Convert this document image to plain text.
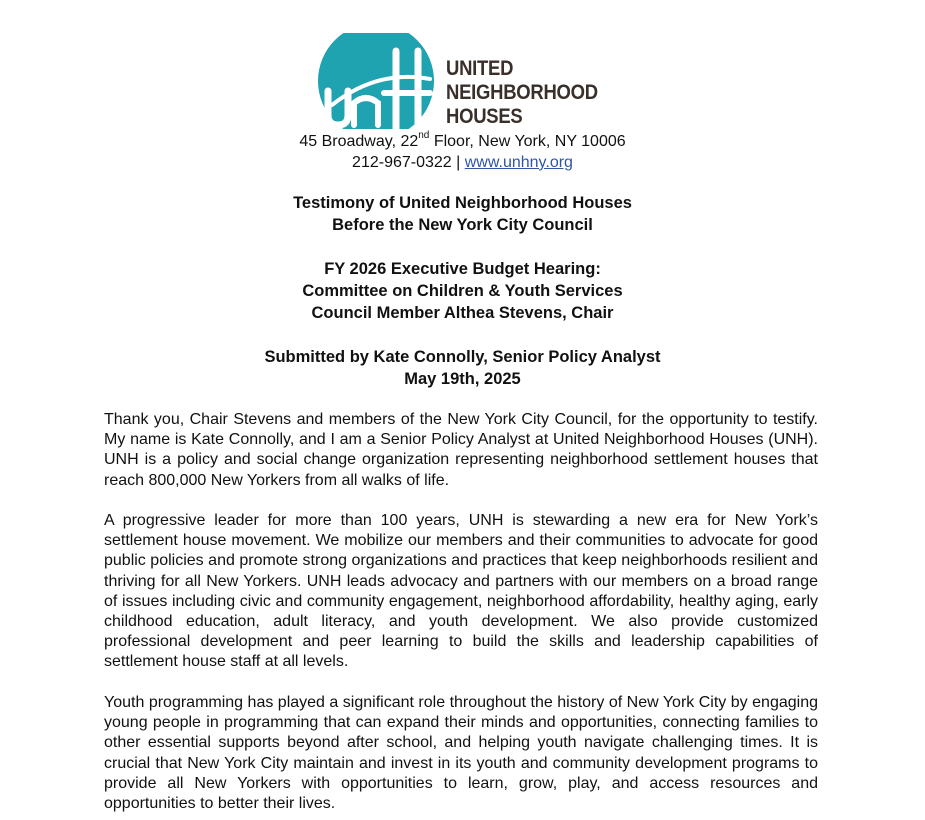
UNITED
NEIGHBORHOOD
HOUSES
45 Broadway, 22nd Floor, New York, NY 10006
212-967-0322 | www.unhny.org
Testimony of United Neighborhood Houses
Before the New York City Council
FY 2026 Executive Budget Hearing:
Committee on Children & Youth Services
Council Member Althea Stevens, Chair
Submitted by Kate Connolly, Senior Policy Analyst
May 19th, 2025

Thank you, Chair Stevens and members of the New York City Council, for the opportunity to testify. My name is Kate Connolly, and I am a Senior Policy Analyst at United Neighborhood Houses (UNH). UNH is a policy and social change organization representing neighborhood settlement houses that reach 800,000 New Yorkers from all walks of life.

A progressive leader for more than 100 years, UNH is stewarding a new era for New York’s settlement house movement. We mobilize our members and their communities to advocate for good public policies and promote strong organizations and practices that keep neighborhoods resilient and thriving for all New Yorkers. UNH leads advocacy and partners with our members on a broad range of issues including civic and community engagement, neighborhood affordability, healthy aging, early childhood education, adult literacy, and youth development. We also provide customized professional development and peer learning to build the skills and leadership capabilities of settlement house staff at all levels.

Youth programming has played a significant role throughout the history of New York City by engaging young people in programming that can expand their minds and opportunities, connecting families to other essential supports beyond after school, and helping youth navigate challenging times. It is crucial that New York City maintain and invest in its youth and community development programs to provide all New Yorkers with opportunities to learn, grow, play, and access resources and opportunities to better their lives.
